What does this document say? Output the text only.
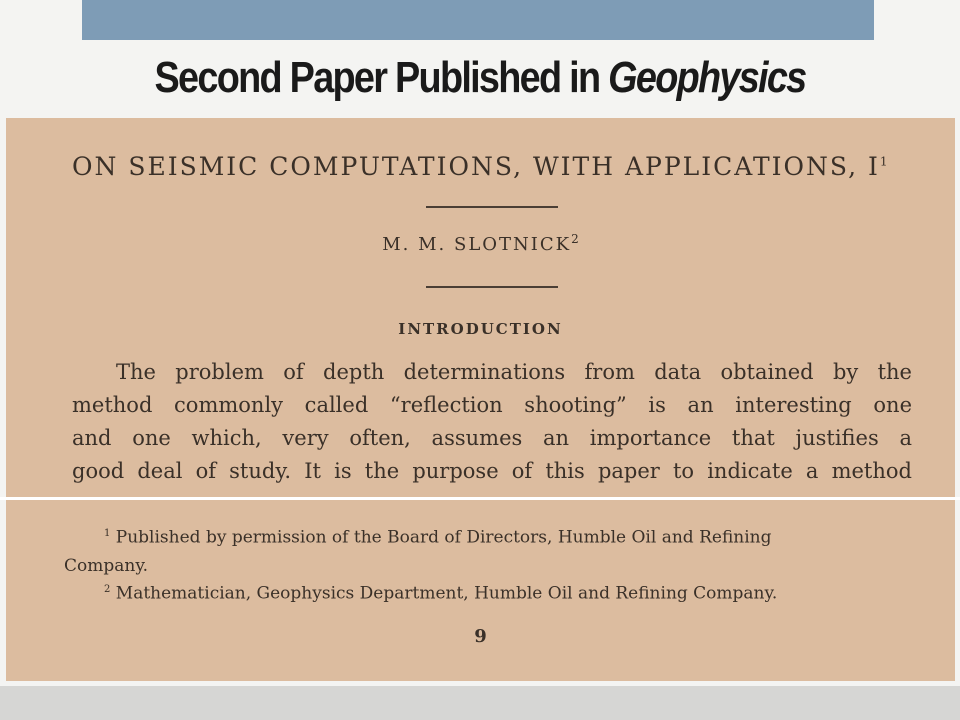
Second Paper Published in Geophysics
ON SEISMIC COMPUTATIONS, WITH APPLICATIONS, $I^1$
M. M. SLOTNICK$^2$
INTRODUCTION
The problem of depth determinations from data obtained by the
method commonly called “reflection shooting” is an interesting one
and one which, very often, assumes an importance that justifies a
good deal of study. It is the purpose of this paper to indicate a method
$^1$ Published by permission of the Board of Directors, Humble Oil and Refining
Company.
$^2$ Mathematician, Geophysics Department, Humble Oil and Refining Company.
9
